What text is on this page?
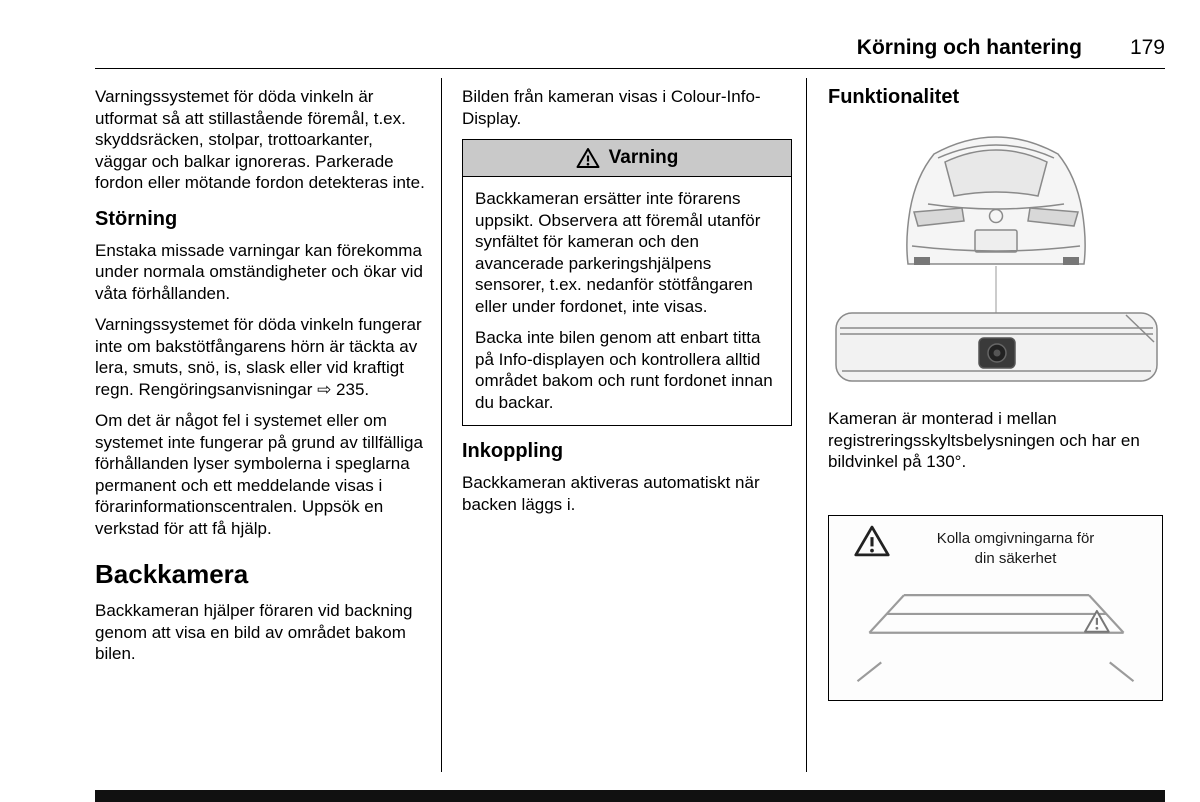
Körning och hantering 179

Varningssystemet för döda vinkeln är utformat så att stillastående föremål, t.ex. skyddsräcken, stolpar, trottoarkanter, väggar och balkar ignoreras. Parkerade fordon eller mötande fordon detekteras inte.

Störning

Enstaka missade varningar kan förekomma under normala omständigheter och ökar vid våta förhållanden.

Varningssystemet för döda vinkeln fungerar inte om bakstötfångarens hörn är täckta av lera, smuts, snö, is, slask eller vid kraftigt regn. Rengöringsanvisningar ⇨ 235.

Om det är något fel i systemet eller om systemet inte fungerar på grund av tillfälliga förhållanden lyser symbolerna i speglarna permanent och ett meddelande visas i förarinformationscentralen. Uppsök en verkstad för att få hjälp.

Backkamera

Backkameran hjälper föraren vid backning genom att visa en bild av området bakom bilen.

Bilden från kameran visas i Colour-Info-Display.

Varning

Backkameran ersätter inte förarens uppsikt. Observera att föremål utanför synfältet för kameran och den avancerade parkeringshjälpens sensorer, t.ex. nedanför stötfångaren eller under fordonet, inte visas.

Backa inte bilen genom att enbart titta på Info-displayen och kontrollera alltid området bakom och runt fordonet innan du backar.

Inkoppling

Backkameran aktiveras automatiskt när backen läggs i.

Funktionalitet

Kameran är monterad i mellan registreringsskyltsbelysningen och har en bildvinkel på 130°.

Kolla omgivningarna för
din säkerhet
